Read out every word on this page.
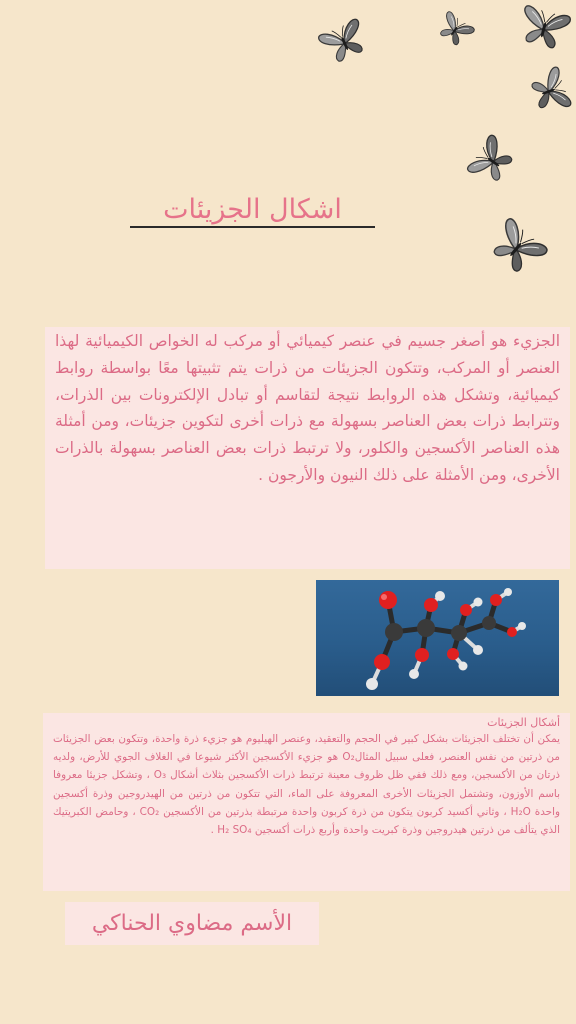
اشكال الجزيئات

الجزيء هو أصغر جسيم في عنصر كيميائي أو مركب له الخواص الكيميائية لهذا العنصر أو المركب، وتتكون الجزيئات من ذرات يتم تثبيتها معًا بواسطة روابط كيميائية، وتشكل هذه الروابط نتيجة لتقاسم أو تبادل الإلكترونات بين الذرات، وتترابط ذرات بعض العناصر بسهولة مع ذرات أخرى لتكوين جزيئات، ومن أمثلة هذه العناصر الأكسجين والكلور، ولا ترتبط ذرات بعض العناصر بسهولة بالذرات الأخرى، ومن الأمثلة على ذلك النيون والأرجون .

أشكال الجزيئات
يمكن أن تختلف الجزيئات بشكل كبير في الحجم والتعقيد، وعنصر الهيليوم هو جزيء ذرة واحدة، وتتكون بعض الجزيئات من ذرتين من نفس العنصر، فعلى سبيل المثالO₂ هو جزيء الأكسجين الأكثر شيوعا في الغلاف الجوي للأرض، ولديه ذرتان من الأكسجين، ومع ذلك ففي ظل ظروف معينة ترتبط ذرات الأكسجين بثلاث أشكال O₃ ، وتشكل جزيئا معروفا باسم الأوزون، وتشتمل الجزيئات الأخرى المعروفة على الماء، التي تتكون من ذرتين من الهيدروجين وذرة أكسجين واحدة H₂O ، وثاني أكسيد كربون يتكون من ذرة كربون واحدة مرتبطة بذرتين من الأكسجين CO₂ ، وحامض الكبريتيك الذي يتألف من ذرتين هيدروجين وذرة كبريت واحدة وأربع ذرات أكسجين H₂ SO₄ .
الأسم مضاوي الحناكي
